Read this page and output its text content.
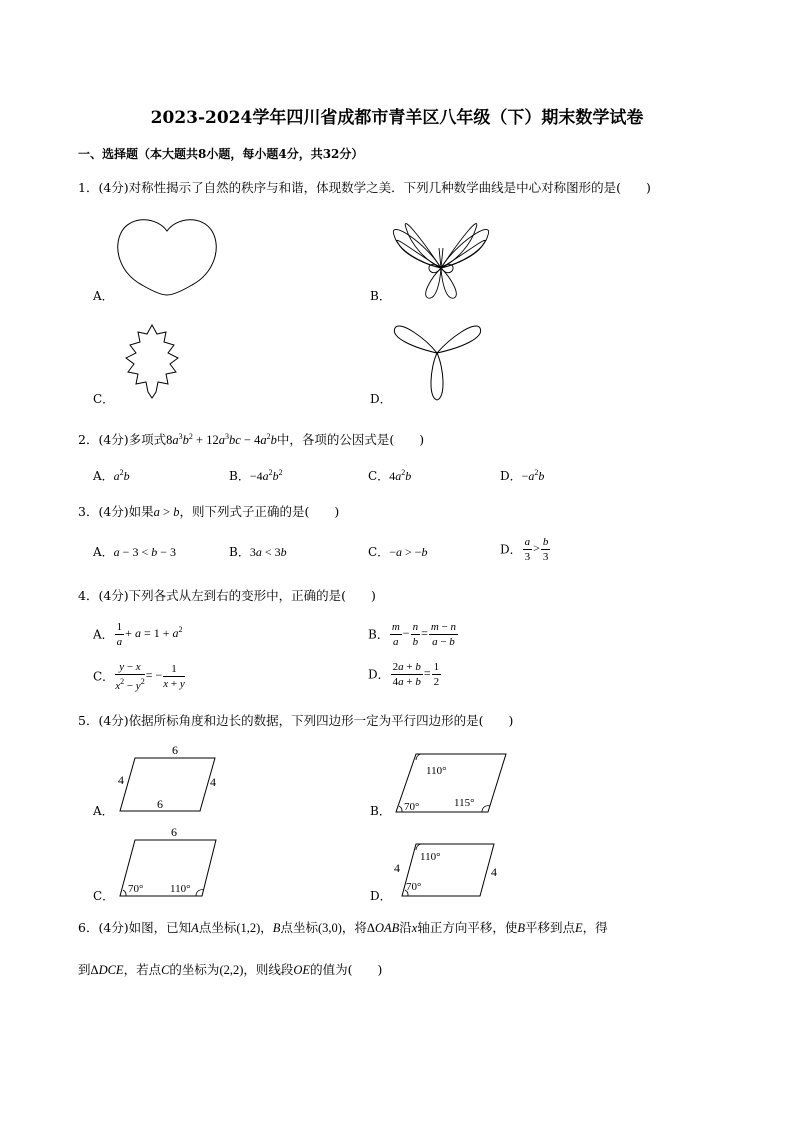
2023-2024学年四川省成都市青羊区八年级（下）期末数学试卷
一、选择题（本大题共8小题，每小题4分，共32分）
1．(4分)对称性揭示了自然的秩序与和谐，体现数学之美．下列几种数学曲线是中心对称图形的是(　　)
A．	B．
C．	D．
2．(4分)多项式$8a^3b^2 + 12a^3bc - 4a^2b$中，各项的公因式是(　　)
A．$a^2b$	B．$-4a^2b^2$	C．$4a^2b$	D．$-a^2b$
3．(4分)如果a > b，则下列式子正确的是(　　)
A．a − 3 < b − 3	B．3a < 3b	C．−a > −b	D． $\frac{a}{3} > \frac{b}{3}$
4．(4分)下列各式从左到右的变形中，正确的是(　　)
A． $\frac{1}{a} + a = 1 + a^2$	B． $\frac{m}{a} - \frac{n}{b} = \frac{m - n}{a - b}$
C． $\frac{y - x}{x^2 - y^2}$ = − $\frac{1}{x + y}$	D． $\frac{2a + b}{4a + b} = \frac{1}{2}$
5．(4分)依据所标角度和边长的数据，下列四边形一定为平行四边形的是(　　)
A．
6
6
4	4
B．
110°
70°	115°
C．
6
70° 110°	D．
110°
70°
4	4
6．(4分)如图，已知A点坐标(1,2)，B点坐标(3,0)，将ΔOAB沿x轴正方向平移，使B平移到点E，得
到ΔDCE，若点C的坐标为(2,2)，则线段OE的值为(　　)
